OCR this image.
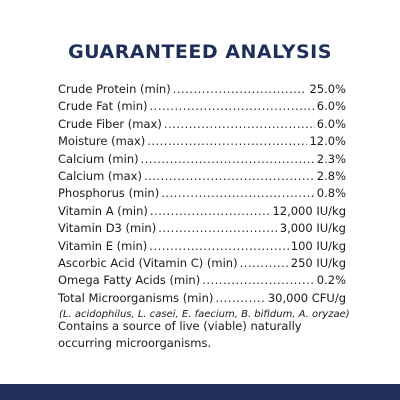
GUARANTEED ANALYSIS
Crude Protein (min) .....	25.0%
Crude Fat (min) .....	6.0%
Crude Fiber (max) .....	6.0%
Moisture (max) .....	12.0%
Calcium (min) .....	2.3%
Calcium (max) .....	2.8%
Phosphorus (min) .....	0.8%
Vitamin A (min) .....	12,000 IU/kg
Vitamin D3 (min) .....	3,000 IU/kg
Vitamin E (min) .....	100 IU/kg
Ascorbic Acid (Vitamin C) (min) .....	250 IU/kg
Omega Fatty Acids (min) .....	0.2%
Total Microorganisms (min) .....	30,000 CFU/g
(L. acidophilus, L. casei, E. faecium, B. bifidum, A. oryzae)
Contains a source of live (viable) naturally occurring microorganisms.
